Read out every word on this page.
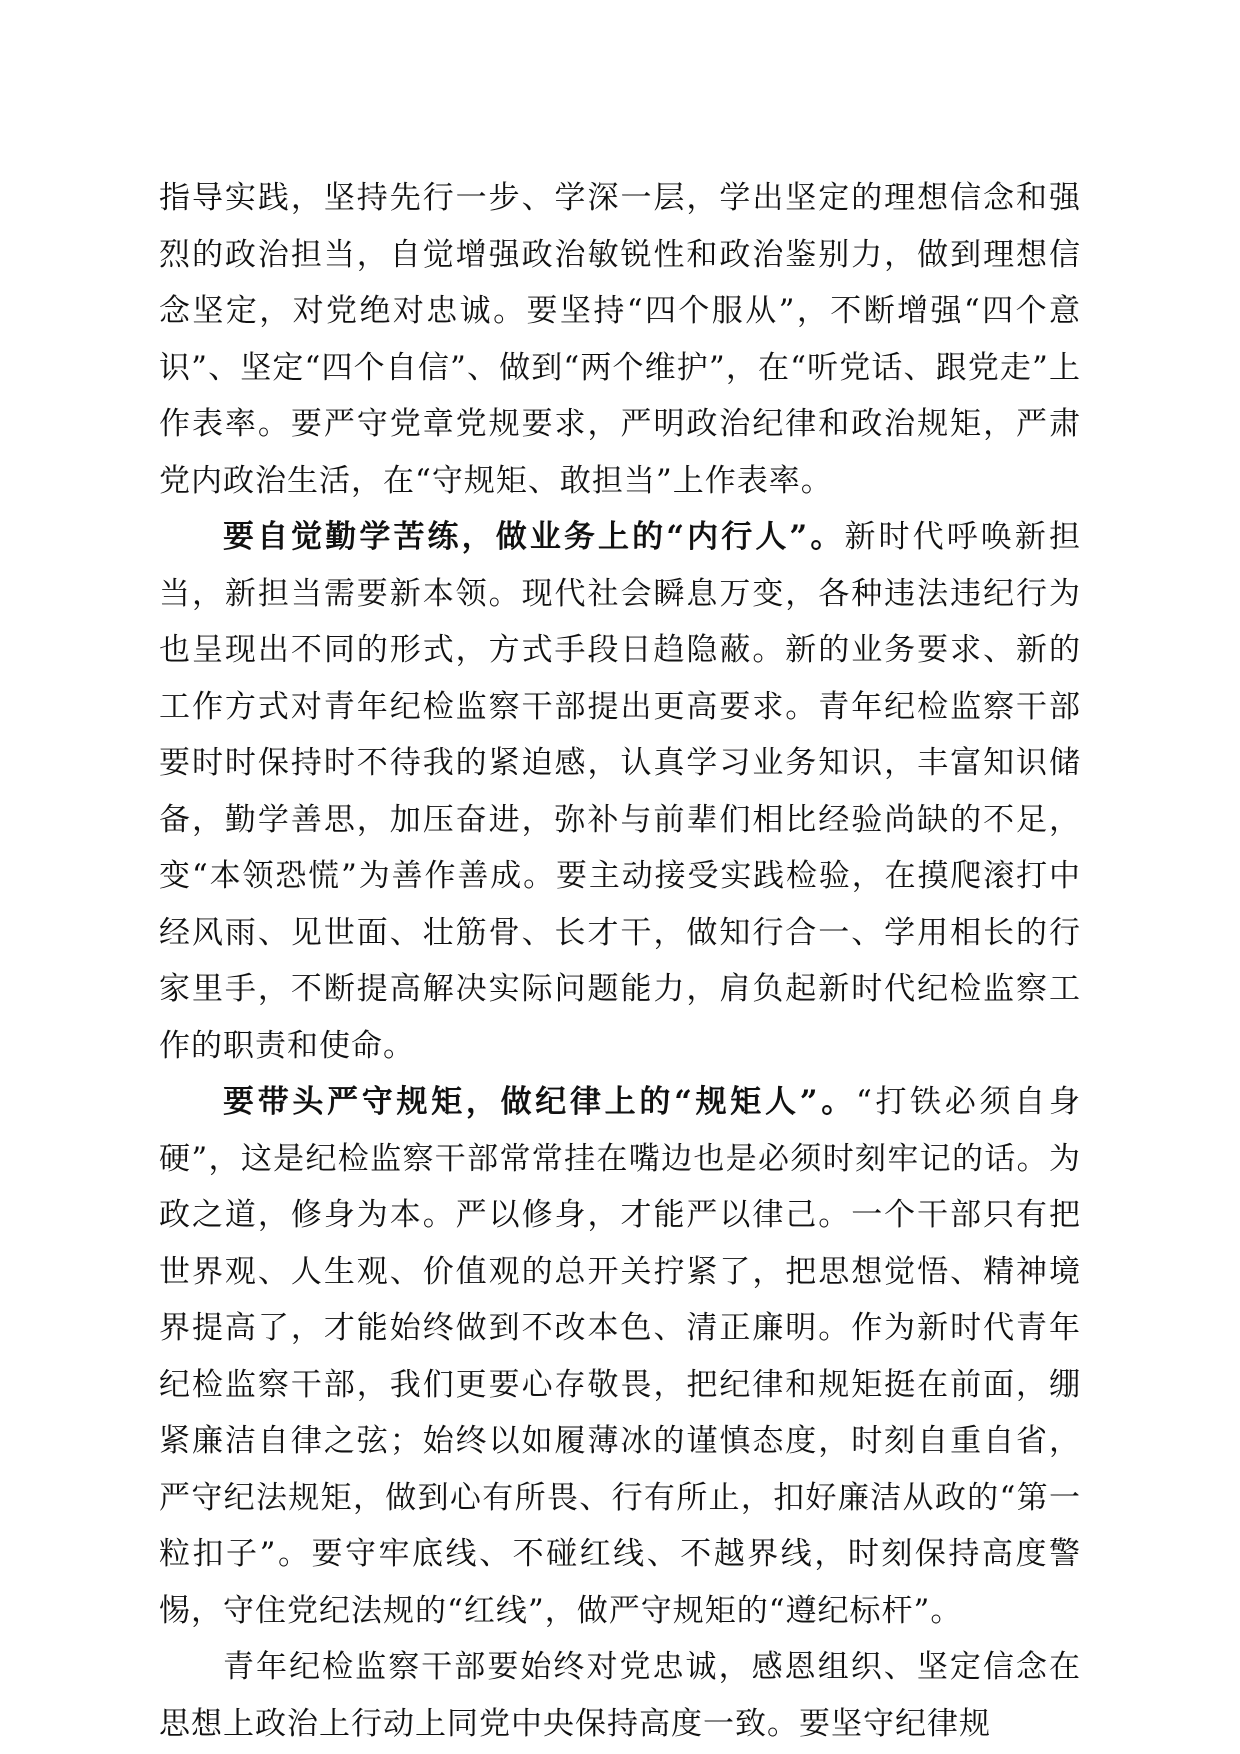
指导实践，坚持先行一步、学深一层，学出坚定的理想信念和强烈的政治担当，自觉增强政治敏锐性和政治鉴别力，做到理想信念坚定，对党绝对忠诚。要坚持“四个服从”，不断增强“四个意识”、坚定“四个自信”、做到“两个维护”，在“听党话、跟党走”上作表率。要严守党章党规要求，严明政治纪律和政治规矩，严肃党内政治生活，在“守规矩、敢担当”上作表率。

要自觉勤学苦练，做业务上的“内行人”。新时代呼唤新担当，新担当需要新本领。现代社会瞬息万变，各种违法违纪行为也呈现出不同的形式，方式手段日趋隐蔽。新的业务要求、新的工作方式对青年纪检监察干部提出更高要求。青年纪检监察干部要时时保持时不待我的紧迫感，认真学习业务知识，丰富知识储备，勤学善思，加压奋进，弥补与前辈们相比经验尚缺的不足，变“本领恐慌”为善作善成。要主动接受实践检验，在摸爬滚打中经风雨、见世面、壮筋骨、长才干，做知行合一、学用相长的行家里手，不断提高解决实际问题能力，肩负起新时代纪检监察工作的职责和使命。

要带头严守规矩，做纪律上的“规矩人”。“打铁必须自身硬”，这是纪检监察干部常常挂在嘴边也是必须时刻牢记的话。为政之道，修身为本。严以修身，才能严以律己。一个干部只有把世界观、人生观、价值观的总开关拧紧了，把思想觉悟、精神境界提高了，才能始终做到不改本色、清正廉明。作为新时代青年纪检监察干部，我们更要心存敬畏，把纪律和规矩挺在前面，绷紧廉洁自律之弦；始终以如履薄冰的谨慎态度，时刻自重自省，严守纪法规矩，做到心有所畏、行有所止，扣好廉洁从政的“第一粒扣子”。要守牢底线、不碰红线、不越界线，时刻保持高度警惕，守住党纪法规的“红线”，做严守规矩的“遵纪标杆”。

青年纪检监察干部要始终对党忠诚，感恩组织、坚定信念在思想上政治上行动上同党中央保持高度一致。要坚守纪律规
